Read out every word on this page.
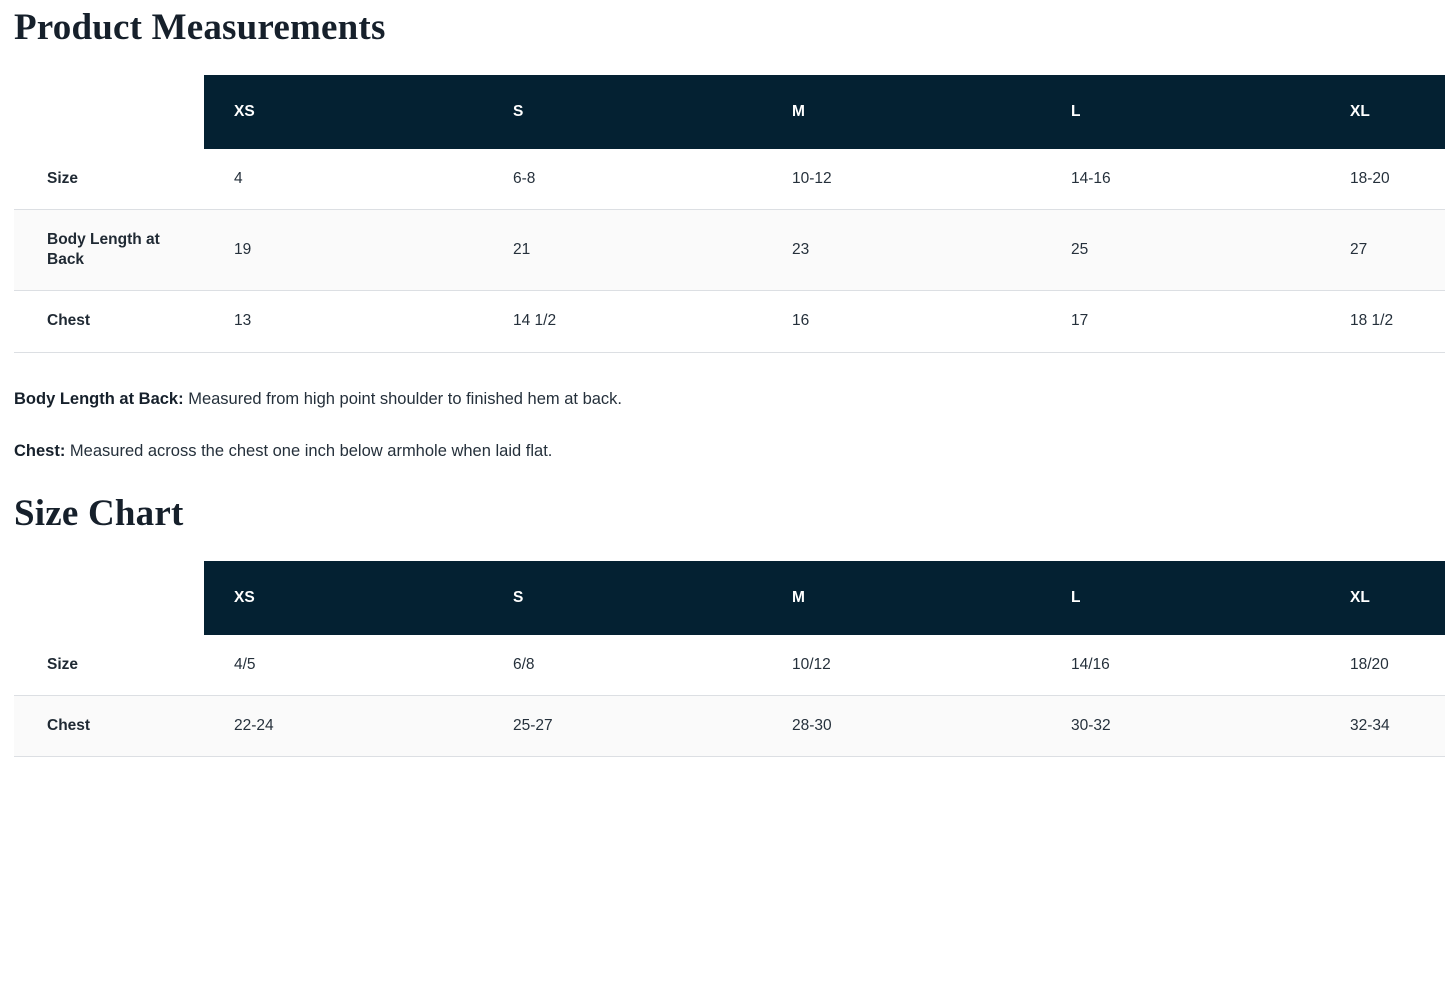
Product Measurements
	XS	S	M	L	XL
Size	4	6-8	10-12	14-16	18-20
Body Length at Back	19	21	23	25	27
Chest	13	14 1/2	16	17	18 1/2

Body Length at Back: Measured from high point shoulder to finished hem at back.

Chest: Measured across the chest one inch below armhole when laid flat.

Size Chart
	XS	S	M	L	XL
Size	4/5	6/8	10/12	14/16	18/20
Chest	22-24	25-27	28-30	30-32	32-34
